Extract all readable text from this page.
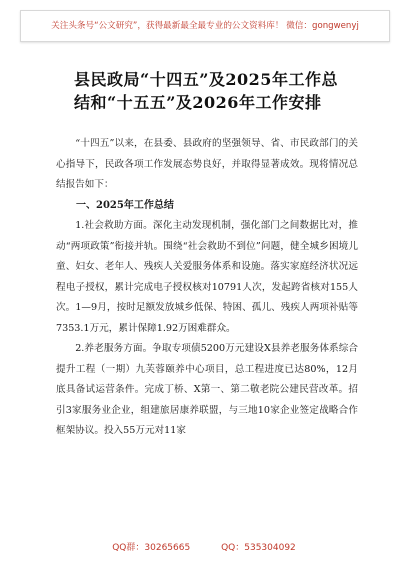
关注头条号“公文研究”，获得最新最全最专业的公文资料库！ 微信：gongwenyj
县民政局“十四五”及2025年工作总
结和“十五五”及2026年工作安排

“十四五”以来，在县委、县政府的坚强领导、省、市民政部门的关心指导下，民政各项工作发展态势良好，并取得显著成效。现将情况总结报告如下：

一、2025年工作总结

1.社会救助方面。深化主动发现机制，强化部门之间数据比对，推动“两项政策”衔接并轨。围绕“社会救助不到位”问题，健全城乡困境儿童、妇女、老年人、残疾人关爱服务体系和设施。落实家庭经济状况远程电子授权，累计完成电子授权核对10791人次，发起跨省核对155人次。1—9月，按时足额发放城乡低保、特困、孤儿、残疾人两项补贴等7353.1万元，累计保障1.92万困难群众。

2.养老服务方面。争取专项债5200万元建设X县养老服务体系综合提升工程（一期）九芙蓉颐养中心项目，总工程进度已达80%，12月底具备试运营条件。完成丁桥、X第一、第二敬老院公建民营改革。招引3家服务业企业，组建旅居康养联盟，与三地10家企业签定战略合作框架协议。投入55万元对11家

QQ群：30265665	QQ：535304092
